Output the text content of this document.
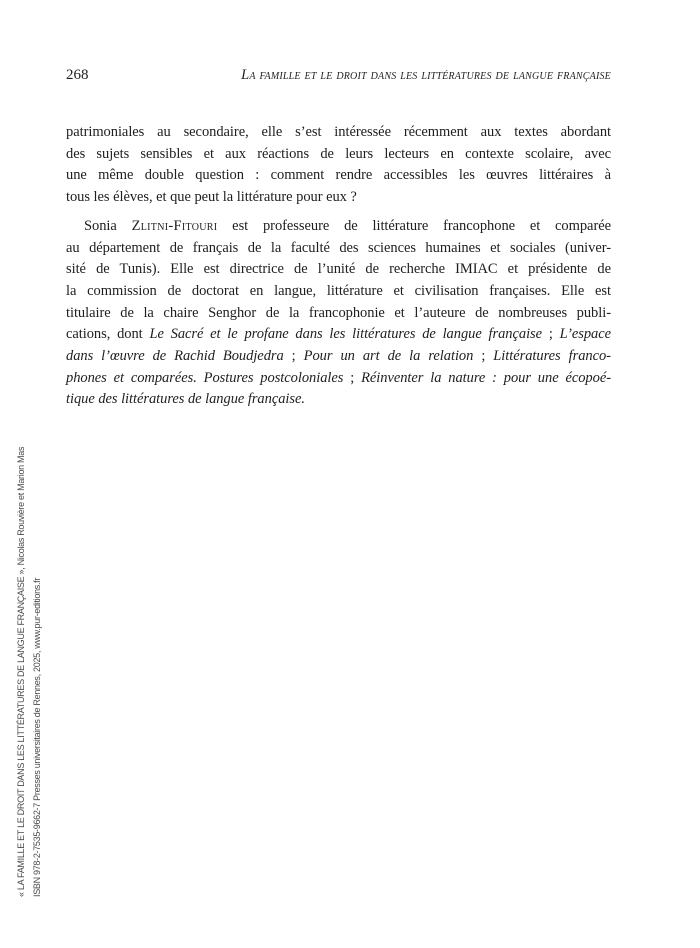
268	La famille et le droit dans les littératures de langue française
patrimoniales au secondaire, elle s’est intéressée récemment aux textes abordant
des sujets sensibles et aux réactions de leurs lecteurs en contexte scolaire, avec
une même double question : comment rendre accessibles les œuvres littéraires à
tous les élèves, et que peut la littérature pour eux ?
Sonia Zlitni-Fitouri est professeure de littérature francophone et comparée
au département de français de la faculté des sciences humaines et sociales (univer-
sité de Tunis). Elle est directrice de l’unité de recherche IMIAC et présidente de
la commission de doctorat en langue, littérature et civilisation françaises. Elle est
titulaire de la chaire Senghor de la francophonie et l’auteure de nombreuses publi-
cations, dont Le Sacré et le profane dans les littératures de langue française ; L’espace
dans l’œuvre de Rachid Boudjedra ; Pour un art de la relation ; Littératures franco-
phones et comparées. Postures postcoloniales ; Réinventer la nature : pour une écopoé-
tique des littératures de langue française.
« LA FAMILLE ET LE DROIT DANS LES LITTÉRATURES DE LANGUE FRANÇAISE », Nicolas Rouvière et Marion Mas ISBN 978-2-7535-9662-7 Presses universitaires de Rennes, 2025, www.pur-editions.fr
